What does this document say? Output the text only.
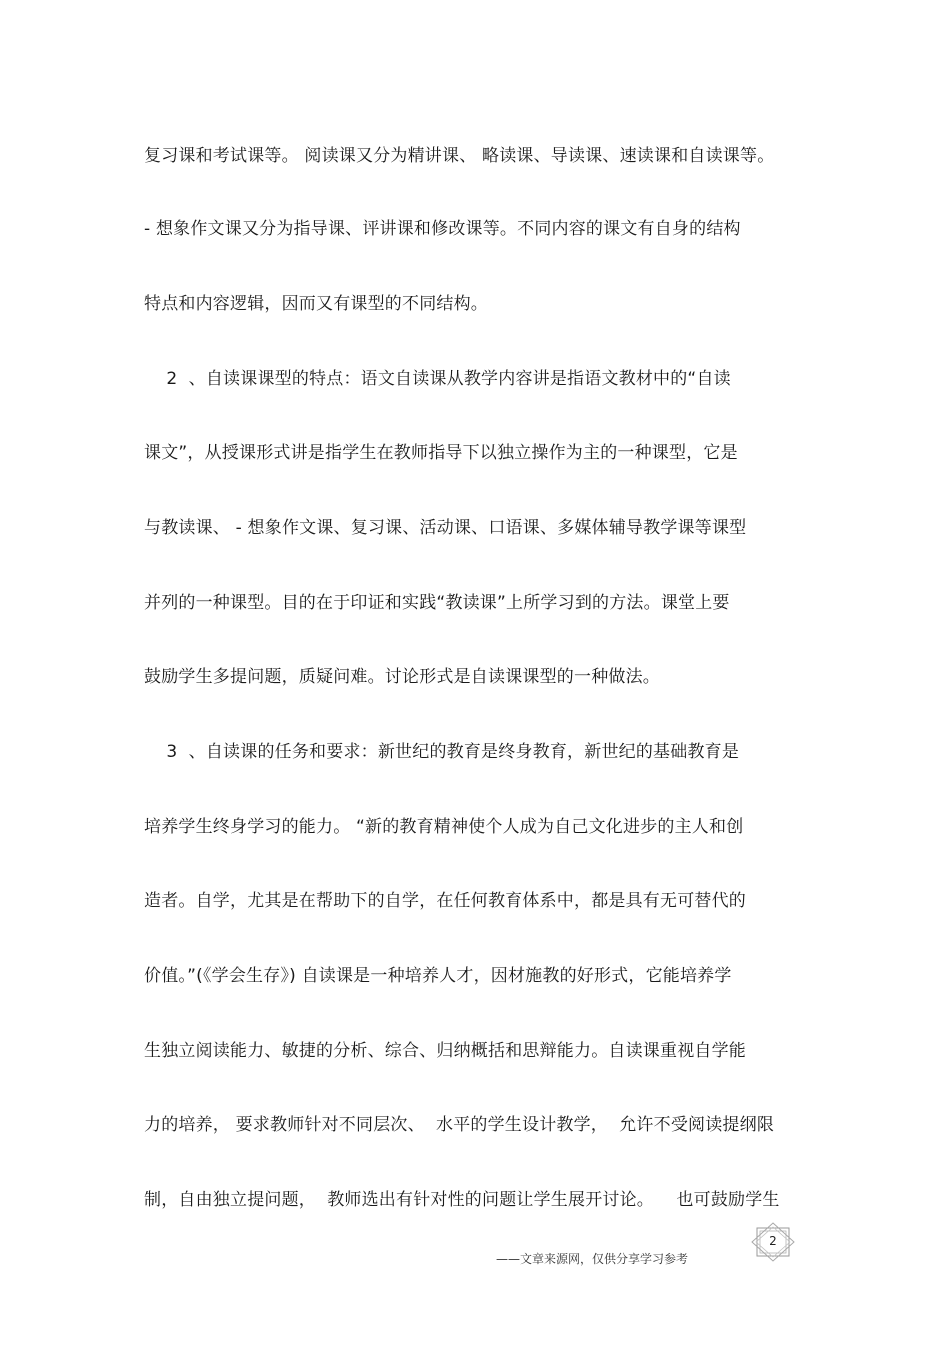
复习课和考试课等。 阅读课又分为精讲课、 略读课、导读课、速读课和自读课等。
- 想象作文课又分为指导课、评讲课和修改课等。不同内容的课文有自身的结构
特点和内容逻辑，因而又有课型的不同结构。
2  、自读课课型的特点：语文自读课从教学内容讲是指语文教材中的“自读
课文”，从授课形式讲是指学生在教师指导下以独立操作为主的一种课型，它是
与教读课、 - 想象作文课、复习课、活动课、口语课、多媒体辅导教学课等课型
并列的一种课型。目的在于印证和实践“教读课”上所学习到的方法。课堂上要
鼓励学生多提问题，质疑问难。讨论形式是自读课课型的一种做法。
3  、自读课的任务和要求：新世纪的教育是终身教育，新世纪的基础教育是
培养学生终身学习的能力。 “新的教育精神使个人成为自己文化进步的主人和创
造者。自学，尤其是在帮助下的自学，在任何教育体系中，都是具有无可替代的
价值。”(《学会生存》) 自读课是一种培养人才，因材施教的好形式，它能培养学
生独立阅读能力、敏捷的分析、综合、归纳概括和思辩能力。自读课重视自学能
力的培养， 要求教师针对不同层次、  水平的学生设计教学，  允许不受阅读提纲限
制，自由独立提问题，  教师选出有针对性的问题让学生展开讨论。    也可鼓励学生
——文章来源网，仅供分享学习参考
2
